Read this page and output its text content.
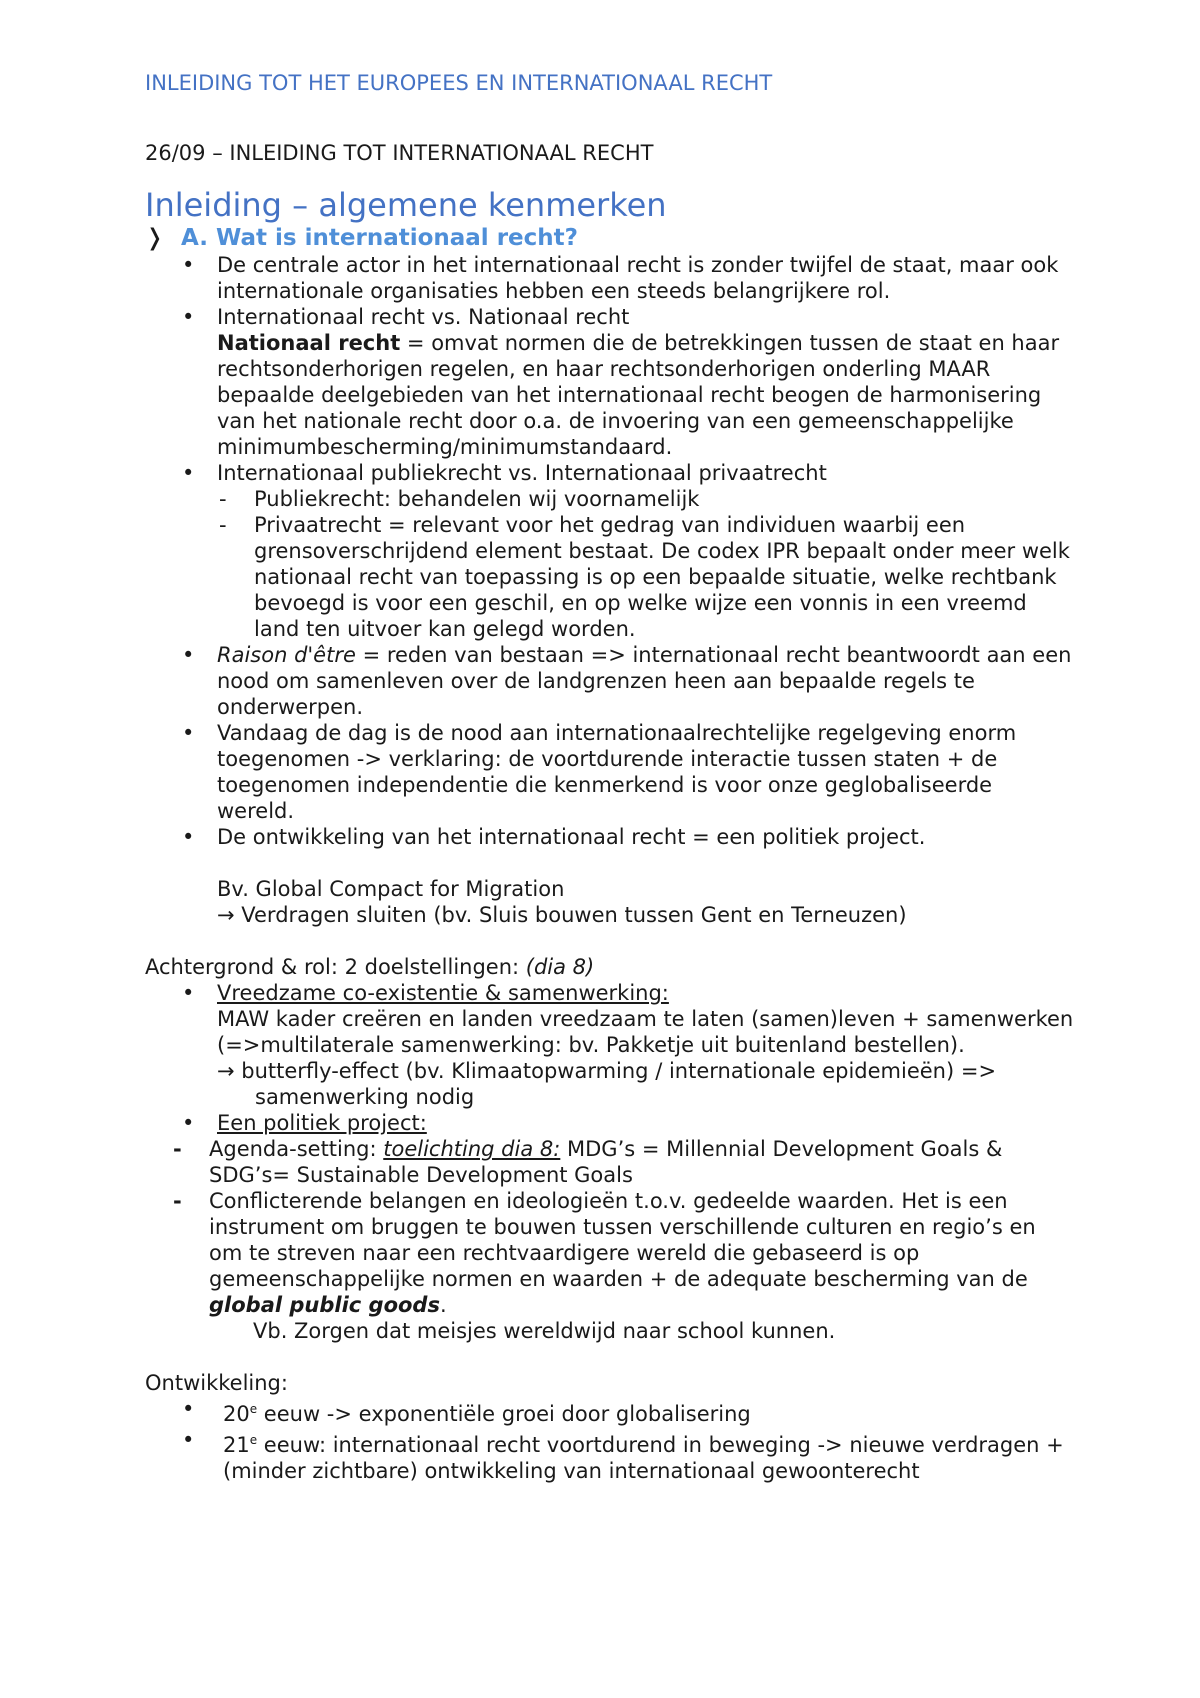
INLEIDING TOT HET EUROPEES EN INTERNATIONAAL RECHT
26/09 – INLEIDING TOT INTERNATIONAAL RECHT
Inleiding – algemene kenmerken
❭ A. Wat is internationaal recht?
• De centrale actor in het internationaal recht is zonder twijfel de staat, maar ook internationale organisaties hebben een steeds belangrijkere rol.
• Internationaal recht vs. Nationaal recht
Nationaal recht = omvat normen die de betrekkingen tussen de staat en haar rechtsonderhorigen regelen, en haar rechtsonderhorigen onderling MAAR bepaalde deelgebieden van het internationaal recht beogen de harmonisering van het nationale recht door o.a. de invoering van een gemeenschappelijke minimumbescherming/minimumstandaard.
• Internationaal publiekrecht vs. Internationaal privaatrecht
- Publiekrecht: behandelen wij voornamelijk
- Privaatrecht = relevant voor het gedrag van individuen waarbij een grensoverschrijdend element bestaat. De codex IPR bepaalt onder meer welk nationaal recht van toepassing is op een bepaalde situatie, welke rechtbank bevoegd is voor een geschil, en op welke wijze een vonnis in een vreemd land ten uitvoer kan gelegd worden.
• Raison d'être = reden van bestaan => internationaal recht beantwoordt aan een nood om samenleven over de landgrenzen heen aan bepaalde regels te onderwerpen.
• Vandaag de dag is de nood aan internationaalrechtelijke regelgeving enorm toegenomen -> verklaring: de voortdurende interactie tussen staten + de toegenomen independentie die kenmerkend is voor onze geglobaliseerde wereld.
• De ontwikkeling van het internationaal recht = een politiek project.
Bv. Global Compact for Migration
→ Verdragen sluiten (bv. Sluis bouwen tussen Gent en Terneuzen)
Achtergrond & rol: 2 doelstellingen: (dia 8)
• Vreedzame co-existentie & samenwerking:
MAW kader creëren en landen vreedzaam te laten (samen)leven + samenwerken (=>multilaterale samenwerking: bv. Pakketje uit buitenland bestellen).
→ butterfly-effect (bv. Klimaatopwarming / internationale epidemieën) =>
samenwerking nodig
• Een politiek project:
- Agenda-setting: toelichting dia 8: MDG’s = Millennial Development Goals & SDG’s= Sustainable Development Goals
- Conflicterende belangen en ideologieën t.o.v. gedeelde waarden. Het is een instrument om bruggen te bouwen tussen verschillende culturen en regio’s en om te streven naar een rechtvaardigere wereld die gebaseerd is op gemeenschappelijke normen en waarden + de adequate bescherming van de global public goods.
Vb. Zorgen dat meisjes wereldwijd naar school kunnen.
Ontwikkeling:
• 20e eeuw -> exponentiële groei door globalisering
• 21e eeuw: internationaal recht voortdurend in beweging -> nieuwe verdragen + (minder zichtbare) ontwikkeling van internationaal gewoonterecht
